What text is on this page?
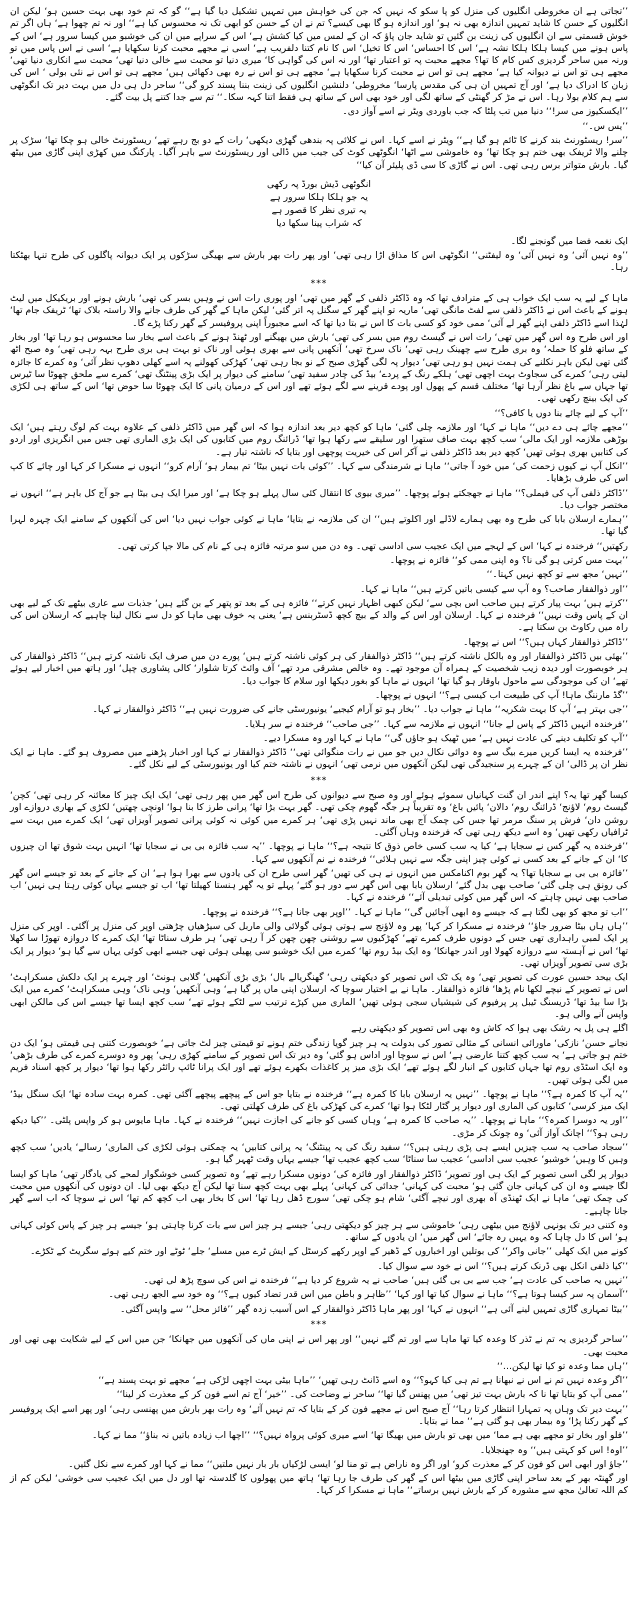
’’تجاتی ہے ان مخروطی انگلیوں کی منزل کو پا سکو کہ نہیں کہ جن کی خواہش میں تمہیں تشکیل دیا گیا ہے‘‘ گو کہ تم خود بھی بہت حسین ہو‘ لیکن ان انگلیوں کے حسن کا شاید تمہیں اندازہ بھی نہ ہو‘ اور اندازہ ہو گا بھی کیسے؟ تم نے ان کے حسن کو ابھی تک نہ محسوس کیا ہے‘‘ اور نہ تم چھوا ہے‘ ہاں اگر تم خوش قسمتی سے ان انگلیوں کی زینت بن گئیں تو شاید جان پاؤ کہ ان کے لمس میں کیا کشش ہے‘ اس کے سراپے میں ان کی خوشبو میں کیسا سرور ہے‘ اس کے پاس ہونے میں کیسا ہلکا ہلکا نشہ ہے‘ اس کا احساس‘ اس کا تخیل‘ اس کا نام کتنا دلفریب ہے‘ اسی نے مجھے محبت کرنا سکھایا ہے‘ اسی نے اس پاس میں تو ورنہ میں ساحر گردیزی کس کام کا تھا؟ مجھے محبت پہ تو اعتبار تھا‘ اور نہ اس کی گواہی کا‘ میری دنیا تو محبت سے خالی دنیا تھی‘ محبت سے انکاری دنیا تھی‘ مجھے ہی تو اس نے دیوانہ کیا ہے‘ مجھے ہی تو اس نے محبت کرنا سکھایا ہے‘ مجھے ہی تو اس نے رہ بھی دکھائی ہیں‘ مجھے ہی تو اس نے نئی بولی ‘ اس کی زبان کا ادراک دیا ہے‘ اور آج تمہیں ان ہی کی مقدس پارسا‘ مخروطی‘ دلنشین انگلیوں کی زینت بننا پسند کرو گی‘‘ ساحر دل ہی دل میں بہت دیر تک انگوٹھی سے ہم کلام بولا رہا۔ اس نے مڑ کر گھنٹی کے ساتھ لگی اور خود بھی اس کے ساتھ ہی فقط اتنا کہہ سکا۔‘‘ تم سے جدا کتنے پل بیت گئے۔

’’ایکسکیوز می سر!‘‘ دنیا میں تب پلٹا کہ جب باوردی ویٹر نے اسے آواز دی۔

’’یس س۔‘‘

’’سر! ریسٹورنٹ بند کرنے کا ٹائم ہو گیا ہے‘‘ ویٹر نے اسے کہا۔ اس نے کلائی پہ بندھی گھڑی دیکھی‘ رات کے دو بج رہے تھے‘ ریسٹورنٹ خالی ہو چکا تھا‘ سڑک پر چلنے والا ٹریفک بھی ختم ہو چکا تھا‘ وہ خاموشی سے اٹھا‘ انگوٹھی کوٹ کی جیب میں ڈالی اور ریسٹورنٹ سے باہر آگیا۔ پارکنگ میں کھڑی اپنی گاڑی میں بیٹھ گیا۔ بارش متواتر برس رہی تھی۔ اس نے گاڑی کا سی ڈی پلیئر آن کیا‘‘

انگوٹھی ڈیش بورڈ پہ رکھی
یہ جو ہلکا ہلکا سرور ہے
یہ تیری نظر کا قصور ہے
کہ شراب پینا سکھا دیا

ایک نغمہ فضا میں گونجنے لگا۔

’’وہ نہیں آئی‘ وہ نہیں آئی‘ وہ لیفٹنی‘‘ انگوٹھی اس کا مذاق اڑا رہی تھی‘ اور پھر رات بھر بارش سے بھیگی سڑکوں پر ایک دیوانہ پاگلوں کی طرح تنہا بھٹکتا رہا۔

***

ماہا کے لیے یہ سب ایک خواب ہی کے مترادف تھا کہ وہ ڈاکٹر ذلفی کے گھر میں تھی‘ اور پوری رات اس نے وہیں بسر کی تھی‘ بارش ہونے اور بریکیکل میں لیٹ ہونے کے باعث اس نے ڈاکٹر ذلفی سے لفٹ مانگی تھی‘ ماریہ تو اپنے گھر کے سگنل پہ اتر گئی‘ لیکن ماہا کے گھر کی طرف جانے والا راستہ بلاک تھا‘ ٹریفک جام تھا‘ لہٰذا اسے ڈاکٹر ذلفی اپنے گھر لے آئی‘ ممی خود کو کسی بات کا اس نے بتا دیا تھا کہ اسے مجبوراً اپنی پروفیسر کے گھر رکنا پڑے گا۔

اور اس طرح وہ اس گھر میں تھی‘ رات اس نے گیسٹ روم میں بسر کی تھی‘ بارش میں بھیگنے اور ٹھنڈ ہونے کے باعث اسے بخار سا محسوس ہو رہا تھا‘ اور بخار کے ساتھ فلو کا حملہ‘ وہ بری طرح سے چھینک رہی تھی‘ ناک سرخ تھی‘ آنکھیں پانی سے بھری ہوئی اور ناک تو بہت ہی بری طرح بہہ رہی تھی‘ وہ صبح اٹھ گئی تھی لیکن باہر نکلنے کی ہمت نہیں ہو رہی تھی‘ دیوار پہ لگی گھڑی صبح کے نو بجا رہی تھی‘ کھڑکی کھولنے پہ اسے کھلی دھوپ نظر آئی‘ وہ کمرے کا جائزہ لیتی رہی‘ کمرے کی سجاوٹ بہت اچھی تھی‘ ہلکے رنگ کے پردے‘ بیڈ کی چادر سفید تھی‘ سامنے کی دیوار پر ایک بڑی پینٹنگ تھی‘ کمرے سے ملحق چھوٹا سا ٹیرس تھا جہاں سے باغ نظر آرہا تھا‘ مختلف قسم کے پھول اور پودے قرینے سے لگے ہوئے تھے اور اس کے درمیان پانی کا ایک چھوٹا سا حوض تھا‘ اس کے ساتھ ہی لکڑی کی ایک بینچ رکھی تھی۔

’’آپ کے لیے چائے بنا دوں یا کافی؟‘‘

’’مجھے چائے ہی دے دیں‘‘ ماہا نے کہا‘ اور ملازمہ چلی گئی‘ ماہا کو کچھ دیر بعد اندازہ ہوا کہ اس گھر میں ڈاکٹر ذلفی کے علاوہ بہت کم لوگ رہتے ہیں‘ ایک بوڑھی ملازمہ اور ایک مالی‘ سب کچھ بہت صاف ستھرا اور سلیقے سے رکھا ہوا تھا‘ ڈرائنگ روم میں کتابوں کی ایک بڑی الماری تھی جس میں انگریزی اور اردو کی کتابیں بھری ہوئی تھیں‘ کچھ دیر بعد ڈاکٹر ذلفی نے آکر اس کی خیریت پوچھی اور بتایا کہ ناشتہ تیار ہے۔

’’انکل آپ نے کیوں زحمت کی‘ میں خود آ جاتی‘‘ ماہا نے شرمندگی سے کہا۔ ’’کوئی بات نہیں بیٹا‘ تم بیمار ہو‘ آرام کرو‘‘ انہوں نے مسکرا کر کہا اور چائے کا کپ اس کی طرف بڑھایا۔

’’ڈاکٹر ذلفی آپ کی فیملی؟‘‘ ماہا نے جھجکتے ہوئے پوچھا۔ ’’میری بیوی کا انتقال کئی سال پہلے ہو چکا ہے‘ اور میرا ایک ہی بیٹا ہے جو آج کل باہر ہے‘‘ انہوں نے مختصر جواب دیا۔

’’ہمارے ارسلان بابا کی طرح وہ بھی ہمارے لاڈلے اور اکلوتے ہیں‘‘ ان کی ملازمہ نے بتایا‘ ماہا نے کوئی جواب نہیں دیا‘ اس کی آنکھوں کے سامنے ایک چہرہ لہرا گیا تھا۔

رکھتیں‘‘ فرخندہ نے کہا‘ اس کے لہجے میں ایک عجیب سی اداسی تھی۔ وہ دن میں سو مرتبہ فائزہ ہی کے نام کی مالا جپا کرتی تھی۔

’’بہت مس کرتی ہو گی نا؟ وہ اپنی ممی کو‘‘ فائزہ نے پوچھا۔

’’نہیں‘ مجھ سے تو کچھ نہیں کہتا۔‘‘

’’اور ذوالفقار صاحب؟ وہ آپ سے کیسی باتیں کرتے ہیں‘‘ ماہا نے کہا۔

’’کرتے ہیں‘ بہت پیار کرتے ہیں صاحب اس بچی سے‘ لیکن کبھی اظہار نہیں کرتے‘‘ فائزہ ہی کے بعد تو پتھر کے بن گئے ہیں‘ جذبات سے عاری بیٹھے تک کے لیے بھی ان کے پاس وقت نہیں‘‘ فرخندہ نے کہا۔ ارسلان اور اس کے والد کے بیچ کچھ ڈسٹربنس ہے‘ یعنی یہ خوف بھی ماہا کو دل سے نکال لینا چاہیے کہ ارسلان اس کی راہ میں رکاوٹ بن سکتا ہے۔

’’ڈاکٹر ذوالفقار کہاں ہیں؟‘‘ اس نے پوچھا۔

’’بھئی بیں ڈاکٹر ذوالفقار اور وہ بالکل ناشتہ کرتے ہیں‘‘ ڈاکٹر ذوالفقار کی ہر کوئی ناشتہ کرتے ہیں‘ پورے دن میں صرف ایک ناشتہ کرتے ہیں‘‘ ڈاکٹر ذوالفقار کی ہر خوبصورت اور دیدہ زیب شخصیت کے ہمراہ آن موجود تھے۔ وہ خالص مشرقی مرد تھے‘ آف وائٹ کرتا شلوار‘ کالی پشاوری چپل‘ اور ہاتھ میں اخبار لیے ہوئے تھے‘ ان کی موجودگی سے ماحول باوقار ہو گیا تھا‘ انہوں نے ماہا کو بغور دیکھا اور سلام کا جواب دیا۔

’’گڈ مارننگ ماہا! آپ کی طبیعت اب کیسی ہے؟‘‘ انہوں نے پوچھا۔

’’جی بہتر ہے‘ آپ کا بہت شکریہ‘‘ ماہا نے جواب دیا۔ ’’بخار ہو تو آرام کیجیے‘ یونیورسٹی جانے کی ضرورت نہیں ہے‘‘ ڈاکٹر ذوالفقار نے کہا۔

’’فرخندہ انہیں ڈاکٹر کے پاس لے جانا‘‘ انہوں نے ملازمہ سے کہا۔ ’’جی صاحب‘‘ فرخندہ نے سر ہلایا۔

’’آپ کو تکلیف دینے کی عادت نہیں ہے‘ میں ٹھیک ہو جاؤں گی‘‘ ماہا نے کہا اور وہ مسکرا دیے۔

’’فرخندہ یہ ایسا کریں میرے بیگ سے وہ دوائی نکال دیں جو میں نے رات منگوائی تھی‘‘ ڈاکٹر ذوالفقار نے کہا اور اخبار پڑھنے میں مصروف ہو گئے۔ ماہا نے ایک نظر ان پر ڈالی‘ ان کے چہرے پر سنجیدگی تھی لیکن آنکھوں میں نرمی تھی‘ انہوں نے ناشتہ ختم کیا اور یونیورسٹی کے لیے نکل گئے۔

***

کیسا گھر تھا یہ؟ اپنے اندر ان گنت کہانیاں سموئے ہوئے اور وہ صبح سے دیوانوں کی طرح اس گھر میں پھر رہی تھی‘ ایک ایک چیز کا معائنہ کر رہی تھی‘ کچن‘ گیسٹ روم‘ لاؤنج‘ ڈرائنگ روم‘ دالان‘ پائیں باغ‘ وہ تقریباً ہر جگہ گھوم چکی تھی۔ گھر بہت بڑا تھا‘ پرانی طرز کا بنا ہوا‘ اونچی چھتیں‘ لکڑی کے بھاری دروازے اور روشن دان‘ فرش پر سنگ مرمر تھا جس کی چمک آج بھی ماند نہیں پڑی تھی‘ ہر کمرے میں کوئی نہ کوئی پرانی تصویر آویزاں تھی‘ ایک کمرے میں بہت سے ٹرافیاں رکھی تھیں‘ وہ اسے دیکھ رہی تھی کہ فرخندہ وہاں آگئی۔

’’فرخندہ یہ گھر کس نے سجایا ہے‘ کیا یہ سب کسی خاص ذوق کا نتیجہ ہے؟‘‘ ماہا نے پوچھا۔ ’’یہ سب فائزہ بی بی نے سجایا تھا‘ انہیں بہت شوق تھا ان چیزوں کا‘ ان کے جانے کے بعد کسی نے کوئی چیز اپنی جگہ سے نہیں ہلائی‘‘ فرخندہ نے نم آنکھوں سے کہا۔

’’فائزہ بی بی بے سجایا تھا؟ یہ گھر بوم اکنامکس میں انہوں نے ہی کی تھیں‘ گھر اسی طرح ان کی یادوں سے بھرا ہوا ہے‘ ان کے جانے کے بعد تو جیسے اس گھر کی رونق ہی چلی گئی‘ صاحب بھی بدل گئے‘ ارسلان بابا بھی اس گھر سے دور ہو گئے‘ پہلے تو یہ گھر ہنستا کھیلتا تھا‘ اب تو جیسے یہاں کوئی رہتا ہی نہیں‘ اب صاحب بھی نہیں چاہتے کہ اس گھر میں کوئی تبدیلی آئے‘‘ فرخندہ نے کہا۔

’’اب تو مجھ کو بھی لگتا ہے کہ جیسے وہ ابھی آجائیں گی‘‘ ماہا نے کہا۔ ’’اوپر بھی جانا ہے؟‘‘ فرخندہ نے پوچھا۔

’’ہاں ہاں بیٹا ضرور جاؤ‘‘ فرخندہ نے مسکرا کر کہا‘ پھر وہ لاؤنج سے ہوتی ہوئی گولائی والی ماربل کی سیڑھیاں چڑھتی اوپر کی منزل پر آگئی۔ اوپر کی منزل پر ایک لمبی راہداری تھی جس کے دونوں طرف کمرے تھے‘ کھڑکیوں سے روشنی چھن چھن کر آ رہی تھی‘ ہر طرف سناٹا تھا‘ ایک کمرے کا دروازہ تھوڑا سا کھلا تھا‘ اس نے آہستہ سے دروازہ کھولا اور اندر جھانکا‘ وہ ایک بیڈ روم تھا‘ کمرے میں ایک خوشبو سی پھیلی ہوئی تھی جیسے ابھی کوئی یہاں سے گیا ہو‘ دیوار پر ایک بڑی سی تصویر آویزاں تھی۔

ایک بیحد حسین عورت کی تصویر تھی‘ وہ یک ٹک اس تصویر کو دیکھتی رہی‘ گھنگریالے بال‘ بڑی بڑی آنکھیں‘ گلابی ہونٹ‘ اور چہرے پر ایک دلکش مسکراہٹ‘ اس نے تصویر کے نیچے لکھا نام پڑھا‘ فائزہ ذوالفقار۔ ماہا نے بے اختیار سوچا کہ ارسلان اپنی ماں پر گیا ہے‘ وہی آنکھیں‘ وہی ناک‘ وہی مسکراہٹ‘ کمرے میں ایک بڑا سا بیڈ تھا‘ ڈریسنگ ٹیبل پر پرفیوم کی شیشیاں سجی ہوئی تھیں‘ الماری میں کپڑے ترتیب سے لٹکے ہوئے تھے‘ سب کچھ ایسا تھا جیسے اس کی مالکن ابھی واپس آنے والی ہو۔

اگلے ہی پل یہ رشک بھی ہوا کہ کاش وہ بھی اس تصویر کو دیکھتی رہے

نجانے حسن‘ نازکی‘ ماورائی انسانی کے مثالی تصور کی بدولت یہ ہر چیز گویا زندگی ختم ہونے تو قیمتی چیز لٹ جاتی ہے‘ خوبصورت کتنی ہی قیمتی ہو‘ ایک دن ختم ہو جاتی ہے‘ یہ سب کچھ کتنا عارضی ہے‘ اس نے سوچا اور اداس ہو گئی‘ وہ دیر تک اس تصویر کے سامنے کھڑی رہی‘ پھر وہ دوسرے کمرے کی طرف بڑھی‘ وہ ایک اسٹڈی روم تھا جہاں کتابوں کے انبار لگے ہوئے تھے‘ ایک بڑی میز پر کاغذات بکھرے ہوئے تھے اور ایک پرانا ٹائپ رائٹر رکھا ہوا تھا‘ دیوار پر کچھ اسناد فریم میں لگی ہوئی تھیں۔

’’یہ آپ کا کمرہ ہے؟‘‘ ماہا نے پوچھا۔ ’’نہیں یہ ارسلان بابا کا کمرہ ہے‘‘ فرخندہ نے بتایا جو اس کے پیچھے پیچھے آگئی تھی۔ کمرہ بہت سادہ تھا‘ ایک سنگل بیڈ‘ ایک میز کرسی‘ کتابوں کی الماری اور دیوار پر گٹار لٹکا ہوا تھا‘ کمرے کی کھڑکی باغ کی طرف کھلتی تھی۔

’’اور یہ دوسرا کمرہ؟‘‘ ماہا نے پوچھا۔ ’’یہ صاحب کا کمرہ ہے‘ وہاں کسی کو جانے کی اجازت نہیں‘‘ فرخندہ نے کہا۔ ماہا مایوس ہو کر واپس پلٹی۔ ’’کیا دیکھ رہی ہو؟‘‘ اچانک آواز آئی‘ وہ چونک کر مڑی۔

’’سجاد صاحب یہ سب چیزیں ایسے ہی پڑی رہتی ہیں؟‘‘ سفید رنگ کی یہ پینٹنگ‘ یہ پرانی کتابیں‘ یہ چمکتی ہوئی لکڑی کی الماری‘ رسالے‘ یادیں‘ سب کچھ وہیں کا وہیں‘ خوشبو‘ عجیب سی اداسی‘ عجیب سا سناٹا‘ سب کچھ عجیب تھا‘ جیسے یہاں وقت ٹھہر گیا ہو۔

دیوار پر لگی اسی تصویر کے ایک ہی اور تصویر‘ ڈاکٹر ذوالفقار اور فائزہ کی‘ دونوں مسکرا رہے تھے‘ وہ تصویر کسی خوشگوار لمحے کی یادگار تھی‘ ماہا کو ایسا لگا جیسے وہ ان کی کہانی جان گئی ہو‘ محبت کی کہانی‘ جدائی کی کہانی‘ پہلے بھی بہت کچھ سنا تھا لیکن آج دیکھ بھی لیا۔ ان دونوں کی آنکھوں میں محبت کی چمک تھی‘ ماہا نے ایک ٹھنڈی آہ بھری اور نیچے آگئی‘ شام ہو چکی تھی‘ سورج ڈھل رہا تھا‘ اس کا بخار بھی اب کچھ کم تھا‘ اس نے سوچا کہ اب اسے گھر جانا چاہیے۔

وہ کتنی دیر تک یونہی لاؤنج میں بیٹھی رہی‘ خاموشی سے ہر چیز کو دیکھتی رہی‘ جیسے ہر چیز اس سے بات کرنا چاہتی ہو‘ جیسے ہر چیز کے پاس کوئی کہانی ہو‘ اس کا دل چاہا کہ وہ یہیں رہ جائے‘ اس گھر میں‘ ان یادوں کے ساتھ۔

کونے میں ایک کھلی ’’جانی واکر‘‘ کی بوتلیں اور اخباروں کے ڈھیر کے اوپر رکھے کرسٹل کے ایش ٹرے میں مسلے‘ جلے‘ ٹوٹے اور ختم کیے ہوئے سگریٹ کے ٹکڑے۔

’’کیا ذلفی انکل بھی ڈرنک کرتے ہیں؟‘‘ اس نے خود سے سوال کیا۔

’’نہیں یہ صاحب کی عادت ہے‘ جب سے بی بی گئی ہیں‘ صاحب نے یہ شروع کر دیا ہے‘‘ فرخندہ نے اس کی سوچ پڑھ لی تھی۔

’’آسمان پہ سر کیسا ہوتا ہے؟‘‘ ماہا نے سوال کیا تھا اور کہا‘ ’’ظاہر و باطن میں اس قدر تضاد کیوں ہے؟‘‘ وہ خود سے الجھ رہی تھی۔

’’بیٹا تمہاری گاڑی تمہیں لینے آئی ہے‘‘ انہوں نے کہا‘ اور پھر ماہا ڈاکٹر ذوالفقار کے اس آسیب زدہ گھر ’’فائز محل‘‘ سے واپس آگئی۔

***

’’ساحر گردیزی یہ تم نے ٹذر کا وعدہ کیا تھا ماہا سے اور تم گئے نہیں‘‘ اور پھر اس نے اپنی ماں کی آنکھوں میں جھانکا‘ جن میں اس کے لیے شکایت بھی تھی اور محبت بھی۔

’’ہاں مما وعدہ تو کیا تھا لیکن…‘‘

’’اگر وعدہ نہیں تم نے اس نے نبھانا ہے تم ہی کیا کہو؟‘‘ وہ اسے ڈانٹ رہی تھیں‘ ’’ماہا بیٹی بہت اچھی لڑکی ہے‘ مجھے تو بہت پسند ہے‘‘

’’ممی آپ کو بتایا تھا نا کہ بارش بہت تیز تھی‘ میں پھنس گیا تھا‘‘ ساحر نے وضاحت کی۔ ’’خیر‘ آج تم اسے فون کر کے معذرت کر لینا‘‘

’’بہت دیر تک وہاں پہ تمہارا انتظار کرتا رہا‘‘ آج صبح اس نے مجھے فون کر کے بتایا کہ تم نہیں آئے‘ وہ رات بھر بارش میں پھنسی رہی‘ اور پھر اسے ایک پروفیسر کے گھر رکنا پڑا‘ وہ بیمار بھی ہو گئی ہے‘‘ مما نے بتایا۔

’’فلو اور بخار تو مجھے بھی ہے مما‘ میں بھی تو بارش میں بھیگا تھا‘ اسے میری کوئی پرواہ نہیں؟‘‘ ’’اچھا اب زیادہ باتیں نہ بناؤ‘‘ مما نے کہا۔

’’اوہ! اس کو کہتی ہیں‘‘ وہ جھنجلایا۔

’’جاؤ اور ابھی اس کو فون کر کے معذرت کرو‘ اور اگر وہ ناراض ہے تو منا لو‘ ایسی لڑکیاں بار بار نہیں ملتیں‘‘ مما نے کہا اور کمرے سے نکل گئیں۔

اور گھنٹہ بھر کے بعد ساحر اپنی گاڑی میں بیٹھا اس کے گھر کی طرف جا رہا تھا‘ ہاتھ میں پھولوں کا گلدستہ تھا اور دل میں ایک عجیب سی خوشی‘ لیکن کم از کم اللہ تعالیٰ مجھ سے مشورہ کر کے بارش نہیں برساتے‘‘ ماہا نے مسکرا کر کہا۔
